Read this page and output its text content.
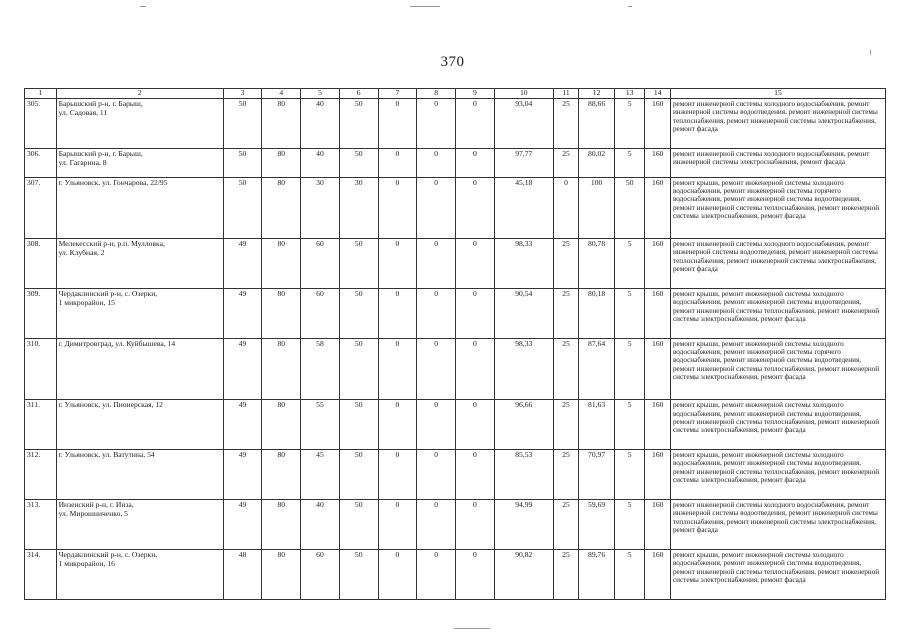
370
1	2	3	4	5	6	7	8	9	10	11	12	13	14	15
305.	Барышский р-н, г. Барыш,
ул. Садовая, 11	50	80	40	50	0	0	0	93,04	25	88,66	5	160	ремонт инженерной системы холодного водоснабжения, ремонт инженерной системы водоотведения, ремонт инженерной системы теплоснабжения, ремонт инженерной системы электроснабжения, ремонт фасада
306.	Барышский р-н, г. Барыш,
ул. Гагарина, 8	50	80	40	50	0	0	0	97,77	25	80,02	5	160	ремонт инженерной системы холодного водоснабжения, ремонт инженерной системы электроснабжения, ремонт фасада
307.	г. Ульяновск, ул. Гончарова, 22/95	50	80	30	30	0	0	0	45,18	0	100	50	160	ремонт крыши, ремонт инженерной системы холодного водоснабжения, ремонт инженерной системы горячего водоснабжения, ремонт инженерной системы водоотведения, ремонт инженерной системы теплоснабжения, ремонт инженерной системы электроснабжения, ремонт фасада
308.	Мелекесский р-н, р.п. Мулловка,
ул. Клубная, 2	49	80	60	50	0	0	0	98,33	25	80,78	5	160	ремонт инженерной системы холодного водоснабжения, ремонт инженерной системы водоотведения, ремонт инженерной системы теплоснабжения, ремонт инженерной системы электроснабжения, ремонт фасада
309.	Чердаклинский р-н, с. Озерки,
1 микрорайон, 15	49	80	60	50	0	0	0	90,54	25	80,18	5	160	ремонт крыши, ремонт инженерной системы холодного водоснабжения, ремонт инженерной системы водоотведения, ремонт инженерной системы теплоснабжения, ремонт инженерной системы электроснабжения, ремонт фасада
310.	г. Димитровград, ул. Куйбышева, 14	49	80	58	50	0	0	0	98,33	25	87,64	5	160	ремонт крыши, ремонт инженерной системы холодного водоснабжения, ремонт инженерной системы горячего водоснабжения, ремонт инженерной системы водоотведения, ремонт инженерной системы теплоснабжения, ремонт инженерной системы электроснабжения, ремонт фасада
311.	г. Ульяновск, ул. Пионерская, 12	49	80	55	50	0	0	0	96,66	25	81,63	5	160	ремонт крыши, ремонт инженерной системы холодного водоснабжения, ремонт инженерной системы водоотведения, ремонт инженерной системы теплоснабжения, ремонт инженерной системы электроснабжения, ремонт фасада
312.	г. Ульяновск, ул. Ватутина, 54	49	80	45	50	0	0	0	85,53	25	70,97	5	160	ремонт крыши, ремонт инженерной системы холодного водоснабжения, ремонт инженерной системы водоотведения, ремонт инженерной системы теплоснабжения, ремонт инженерной системы электроснабжения, ремонт фасада
313.	Инзенский р-н, г. Инза,
ул. Мирошниченко, 5	49	80	40	50	0	0	0	94,99	25	59,69	5	160	ремонт инженерной системы холодного водоснабжения, ремонт инженерной системы водоотведения, ремонт инженерной системы теплоснабжения, ремонт инженерной системы электроснабжения, ремонт фасада
314.	Чердаклинский р-н, с. Озерки,
1 микрорайон, 16	48	80	60	50	0	0	0	90,82	25	89,76	5	160	ремонт крыши, ремонт инженерной системы холодного водоснабжения, ремонт инженерной системы водоотведения, ремонт инженерной системы теплоснабжения, ремонт инженерной системы электроснабжения, ремонт фасада
